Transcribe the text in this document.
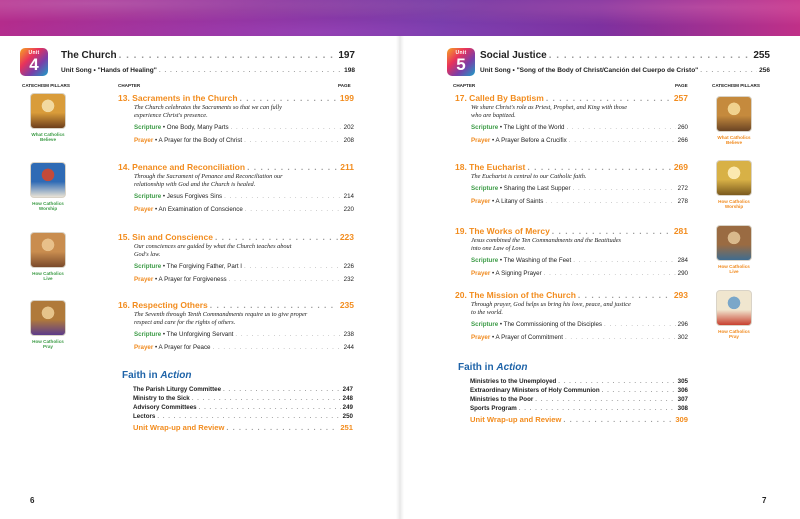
Unit
4	The Church . . .	197
Unit Song • "Hands of Healing" . . .	198
CATECHISM PILLARS	CHAPTER	PAGE
What Catholics
Believe
How Catholics
Worship
How Catholics
Live
How Catholics
Pray
13. Sacraments in the Church . . .	199
The Church celebrates the Sacraments so that we can fully
experience Christ's presence.
Scripture • One Body, Many Parts . . .	202
Prayer • A Prayer for the Body of Christ . . .	208
14. Penance and Reconciliation . . .	211
Through the Sacrament of Penance and Reconciliation our
relationship with God and the Church is healed.
Scripture • Jesus Forgives Sins . . .	214
Prayer • An Examination of Conscience . . .	220
15. Sin and Conscience . . .	223
Our consciences are guided by what the Church teaches about
God's law.
Scripture • The Forgiving Father, Part I . . .	226
Prayer • A Prayer for Forgiveness . . .	232
16. Respecting Others . . .	235
The Seventh through Tenth Commandments require us to give proper
respect and care for the rights of others.
Scripture • The Unforgiving Servant . . .	238
Prayer • A Prayer for Peace . . .	244
Faith in Action
The Parish Liturgy Committee . . .	247
Ministry to the Sick . . .	248
Advisory Committees . . .	249
Lectors . . .	250
Unit Wrap-up and Review . . .	251
6
Unit
5	Social Justice . . .	255
Unit Song • "Song of the Body of Christ/Canción del Cuerpo de Cristo" . . .	256
CHAPTER	PAGE	CATECHISM PILLARS
What Catholics
Believe
How Catholics
Worship
How Catholics
Live
How Catholics
Pray
17. Called By Baptism . . .	257
We share Christ's role as Priest, Prophet, and King with those
who are baptized.
Scripture • The Light of the World . . .	260
Prayer • A Prayer Before a Crucifix . . .	266
18. The Eucharist . . .	269
The Eucharist is central to our Catholic faith.
Scripture • Sharing the Last Supper . . .	272
Prayer • A Litany of Saints . . .	278
19. The Works of Mercy . . .	281
Jesus combined the Ten Commandments and the Beatitudes
into one Law of Love.
Scripture • The Washing of the Feet . . .	284
Prayer • A Signing Prayer . . .	290
20. The Mission of the Church . . .	293
Through prayer, God helps us bring his love, peace, and justice
to the world.
Scripture • The Commissioning of the Disciples . . .	296
Prayer • A Prayer of Commitment . . .	302
Faith in Action
Ministries to the Unemployed . . .	305
Extraordinary Ministers of Holy Communion . . .	306
Ministries to the Poor . . .	307
Sports Program . . .	308
Unit Wrap-up and Review . . .	309
7
